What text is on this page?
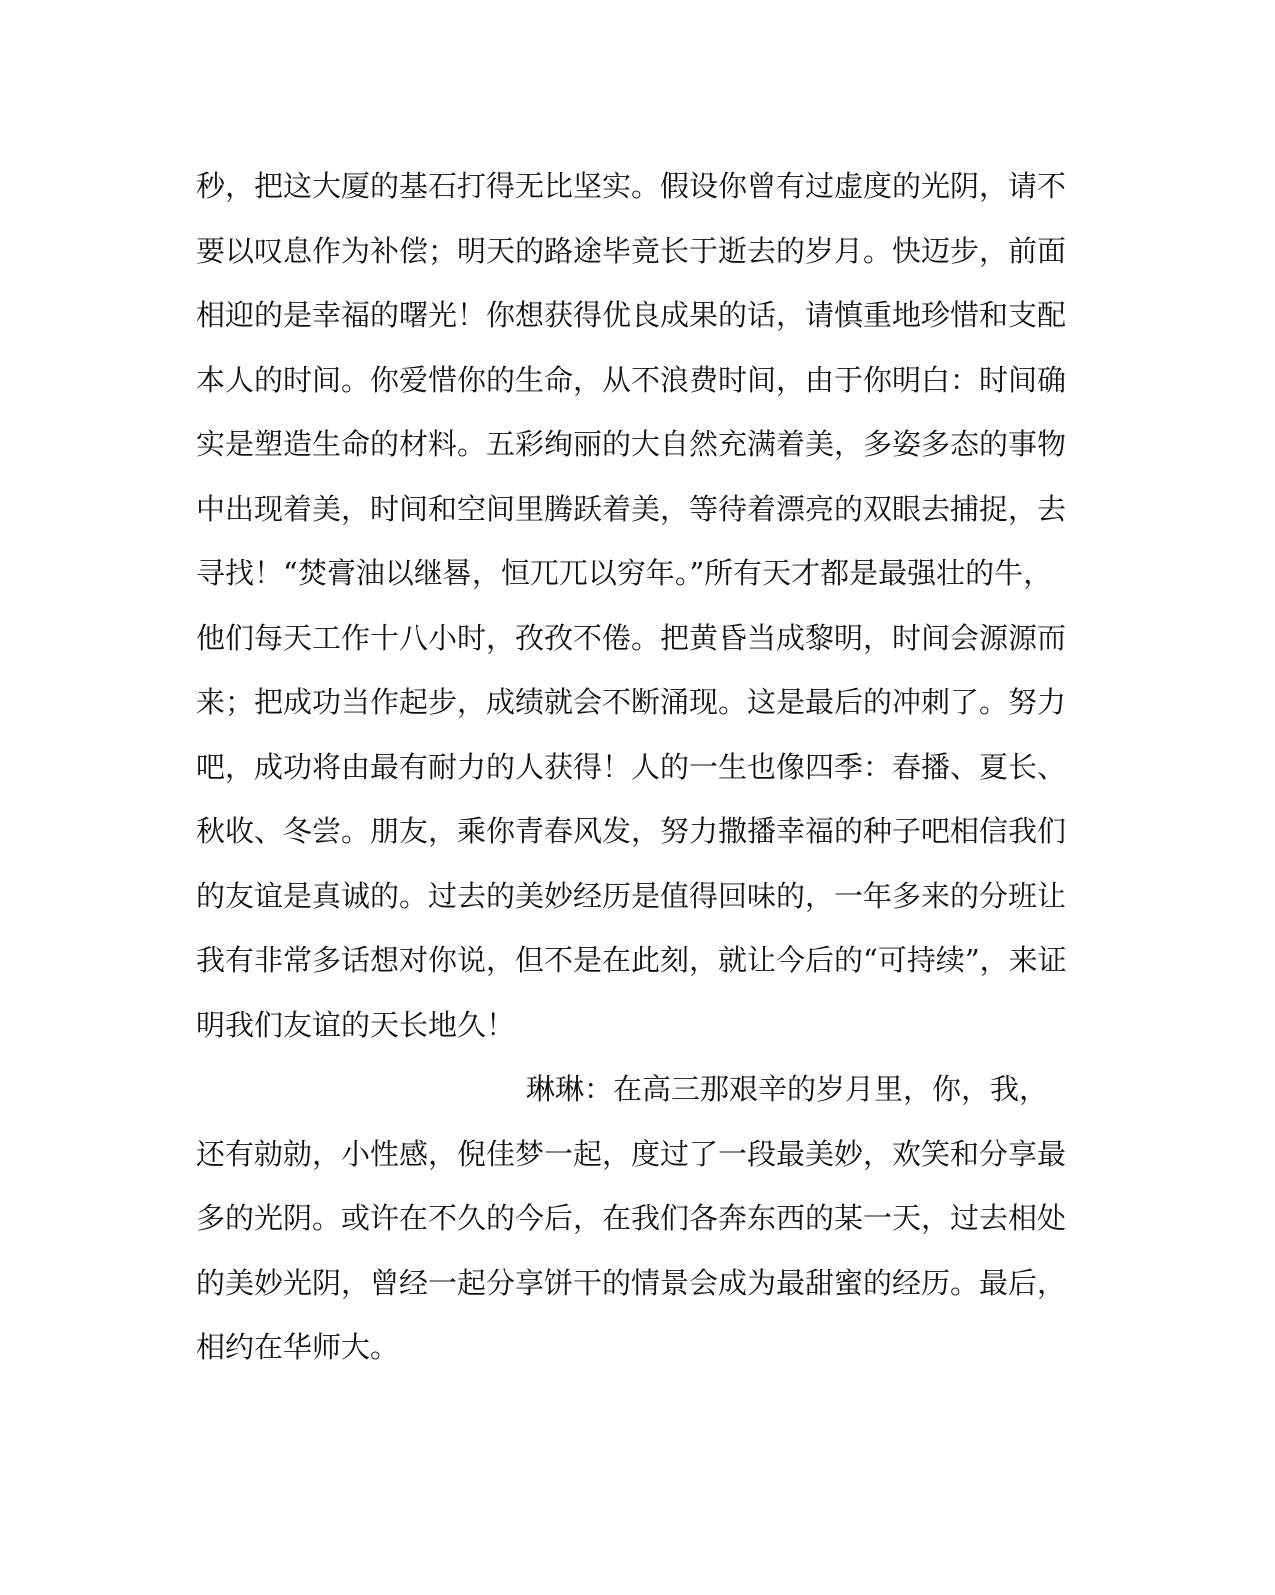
秒，把这大厦的基石打得无比坚实。假设你曾有过虚度的光阴，请不
要以叹息作为补偿；明天的路途毕竟长于逝去的岁月。快迈步，前面
相迎的是幸福的曙光！你想获得优良成果的话，请慎重地珍惜和支配
本人的时间。你爱惜你的生命，从不浪费时间，由于你明白：时间确
实是塑造生命的材料。五彩绚丽的大自然充满着美，多姿多态的事物
中出现着美，时间和空间里腾跃着美，等待着漂亮的双眼去捕捉，去
寻找！“焚膏油以继晷，恒兀兀以穷年。”所有天才都是最强壮的牛，
他们每天工作十八小时，孜孜不倦。把黄昏当成黎明，时间会源源而
来；把成功当作起步，成绩就会不断涌现。这是最后的冲刺了。努力
吧，成功将由最有耐力的人获得！人的一生也像四季：春播、夏长、
秋收、冬尝。朋友，乘你青春风发，努力撒播幸福的种子吧相信我们
的友谊是真诚的。过去的美妙经历是值得回味的，一年多来的分班让
我有非常多话想对你说，但不是在此刻，就让今后的“可持续”，来证
明我们友谊的天长地久！
琳琳：在高三那艰辛的岁月里，你，我，
还有勍勍，小性感，倪佳梦一起，度过了一段最美妙，欢笑和分享最
多的光阴。或许在不久的今后，在我们各奔东西的某一天，过去相处
的美妙光阴，曾经一起分享饼干的情景会成为最甜蜜的经历。最后，
相约在华师大。
